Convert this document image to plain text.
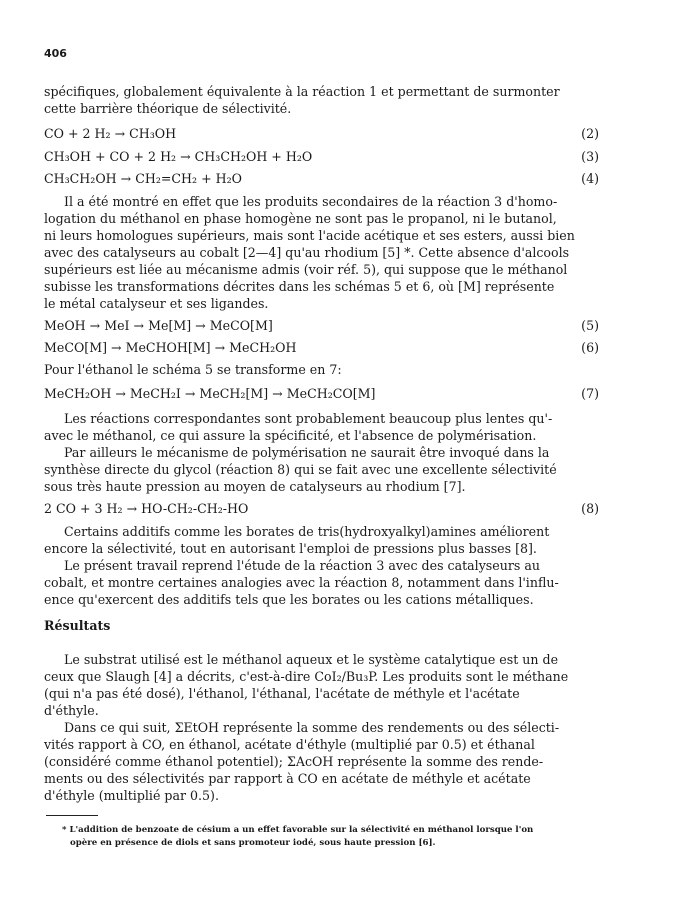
406
spécifiques, globalement équivalente à la réaction 1 et permettant de surmonter
cette barrière théorique de sélectivité.
CO + 2 H₂ → CH₃OH	(2)
CH₃OH + CO + 2 H₂ → CH₃CH₂OH + H₂O	(3)
CH₃CH₂OH → CH₂=CH₂ + H₂O	(4)
Il a été montré en effet que les produits secondaires de la réaction 3 d'homo-
logation du méthanol en phase homogène ne sont pas le propanol, ni le butanol,
ni leurs homologues supérieurs, mais sont l'acide acétique et ses esters, aussi bien
avec des catalyseurs au cobalt [2—4] qu'au rhodium [5] *. Cette absence d'alcools
supérieurs est liée au mécanisme admis (voir réf. 5), qui suppose que le méthanol
subisse les transformations décrites dans les schémas 5 et 6, où [M] représente
le métal catalyseur et ses ligandes.
MeOH → MeI → Me[M] → MeCO[M]	(5)
MeCO[M] → MeCHOH[M] → MeCH₂OH	(6)
Pour l'éthanol le schéma 5 se transforme en 7:
MeCH₂OH → MeCH₂I → MeCH₂[M] → MeCH₂CO[M]	(7)
Les réactions correspondantes sont probablement beaucoup plus lentes qu'-
avec le méthanol, ce qui assure la spécificité, et l'absence de polymérisation.
Par ailleurs le mécanisme de polymérisation ne saurait être invoqué dans la
synthèse directe du glycol (réaction 8) qui se fait avec une excellente sélectivité
sous très haute pression au moyen de catalyseurs au rhodium [7].
2 CO + 3 H₂ → HO-CH₂-CH₂-HO	(8)
Certains additifs comme les borates de tris(hydroxyalkyl)amines améliorent
encore la sélectivité, tout en autorisant l'emploi de pressions plus basses [8].
Le présent travail reprend l'étude de la réaction 3 avec des catalyseurs au
cobalt, et montre certaines analogies avec la réaction 8, notamment dans l'influ-
ence qu'exercent des additifs tels que les borates ou les cations métalliques.
Résultats
Le substrat utilisé est le méthanol aqueux et le système catalytique est un de
ceux que Slaugh [4] a décrits, c'est-à-dire CoI₂/Bu₃P. Les produits sont le méthane
(qui n'a pas été dosé), l'éthanol, l'éthanal, l'acétate de méthyle et l'acétate
d'éthyle.
Dans ce qui suit, ΣEtOH représente la somme des rendements ou des sélecti-
vités rapport à CO, en éthanol, acétate d'éthyle (multiplié par 0.5) et éthanal
(considéré comme éthanol potentiel); ΣAcOH représente la somme des rende-
ments ou des sélectivités par rapport à CO en acétate de méthyle et acétate
d'éthyle (multiplié par 0.5).
* L'addition de benzoate de césium a un effet favorable sur la sélectivité en méthanol lorsque l'on
opère en présence de diols et sans promoteur iodé, sous haute pression [6].
